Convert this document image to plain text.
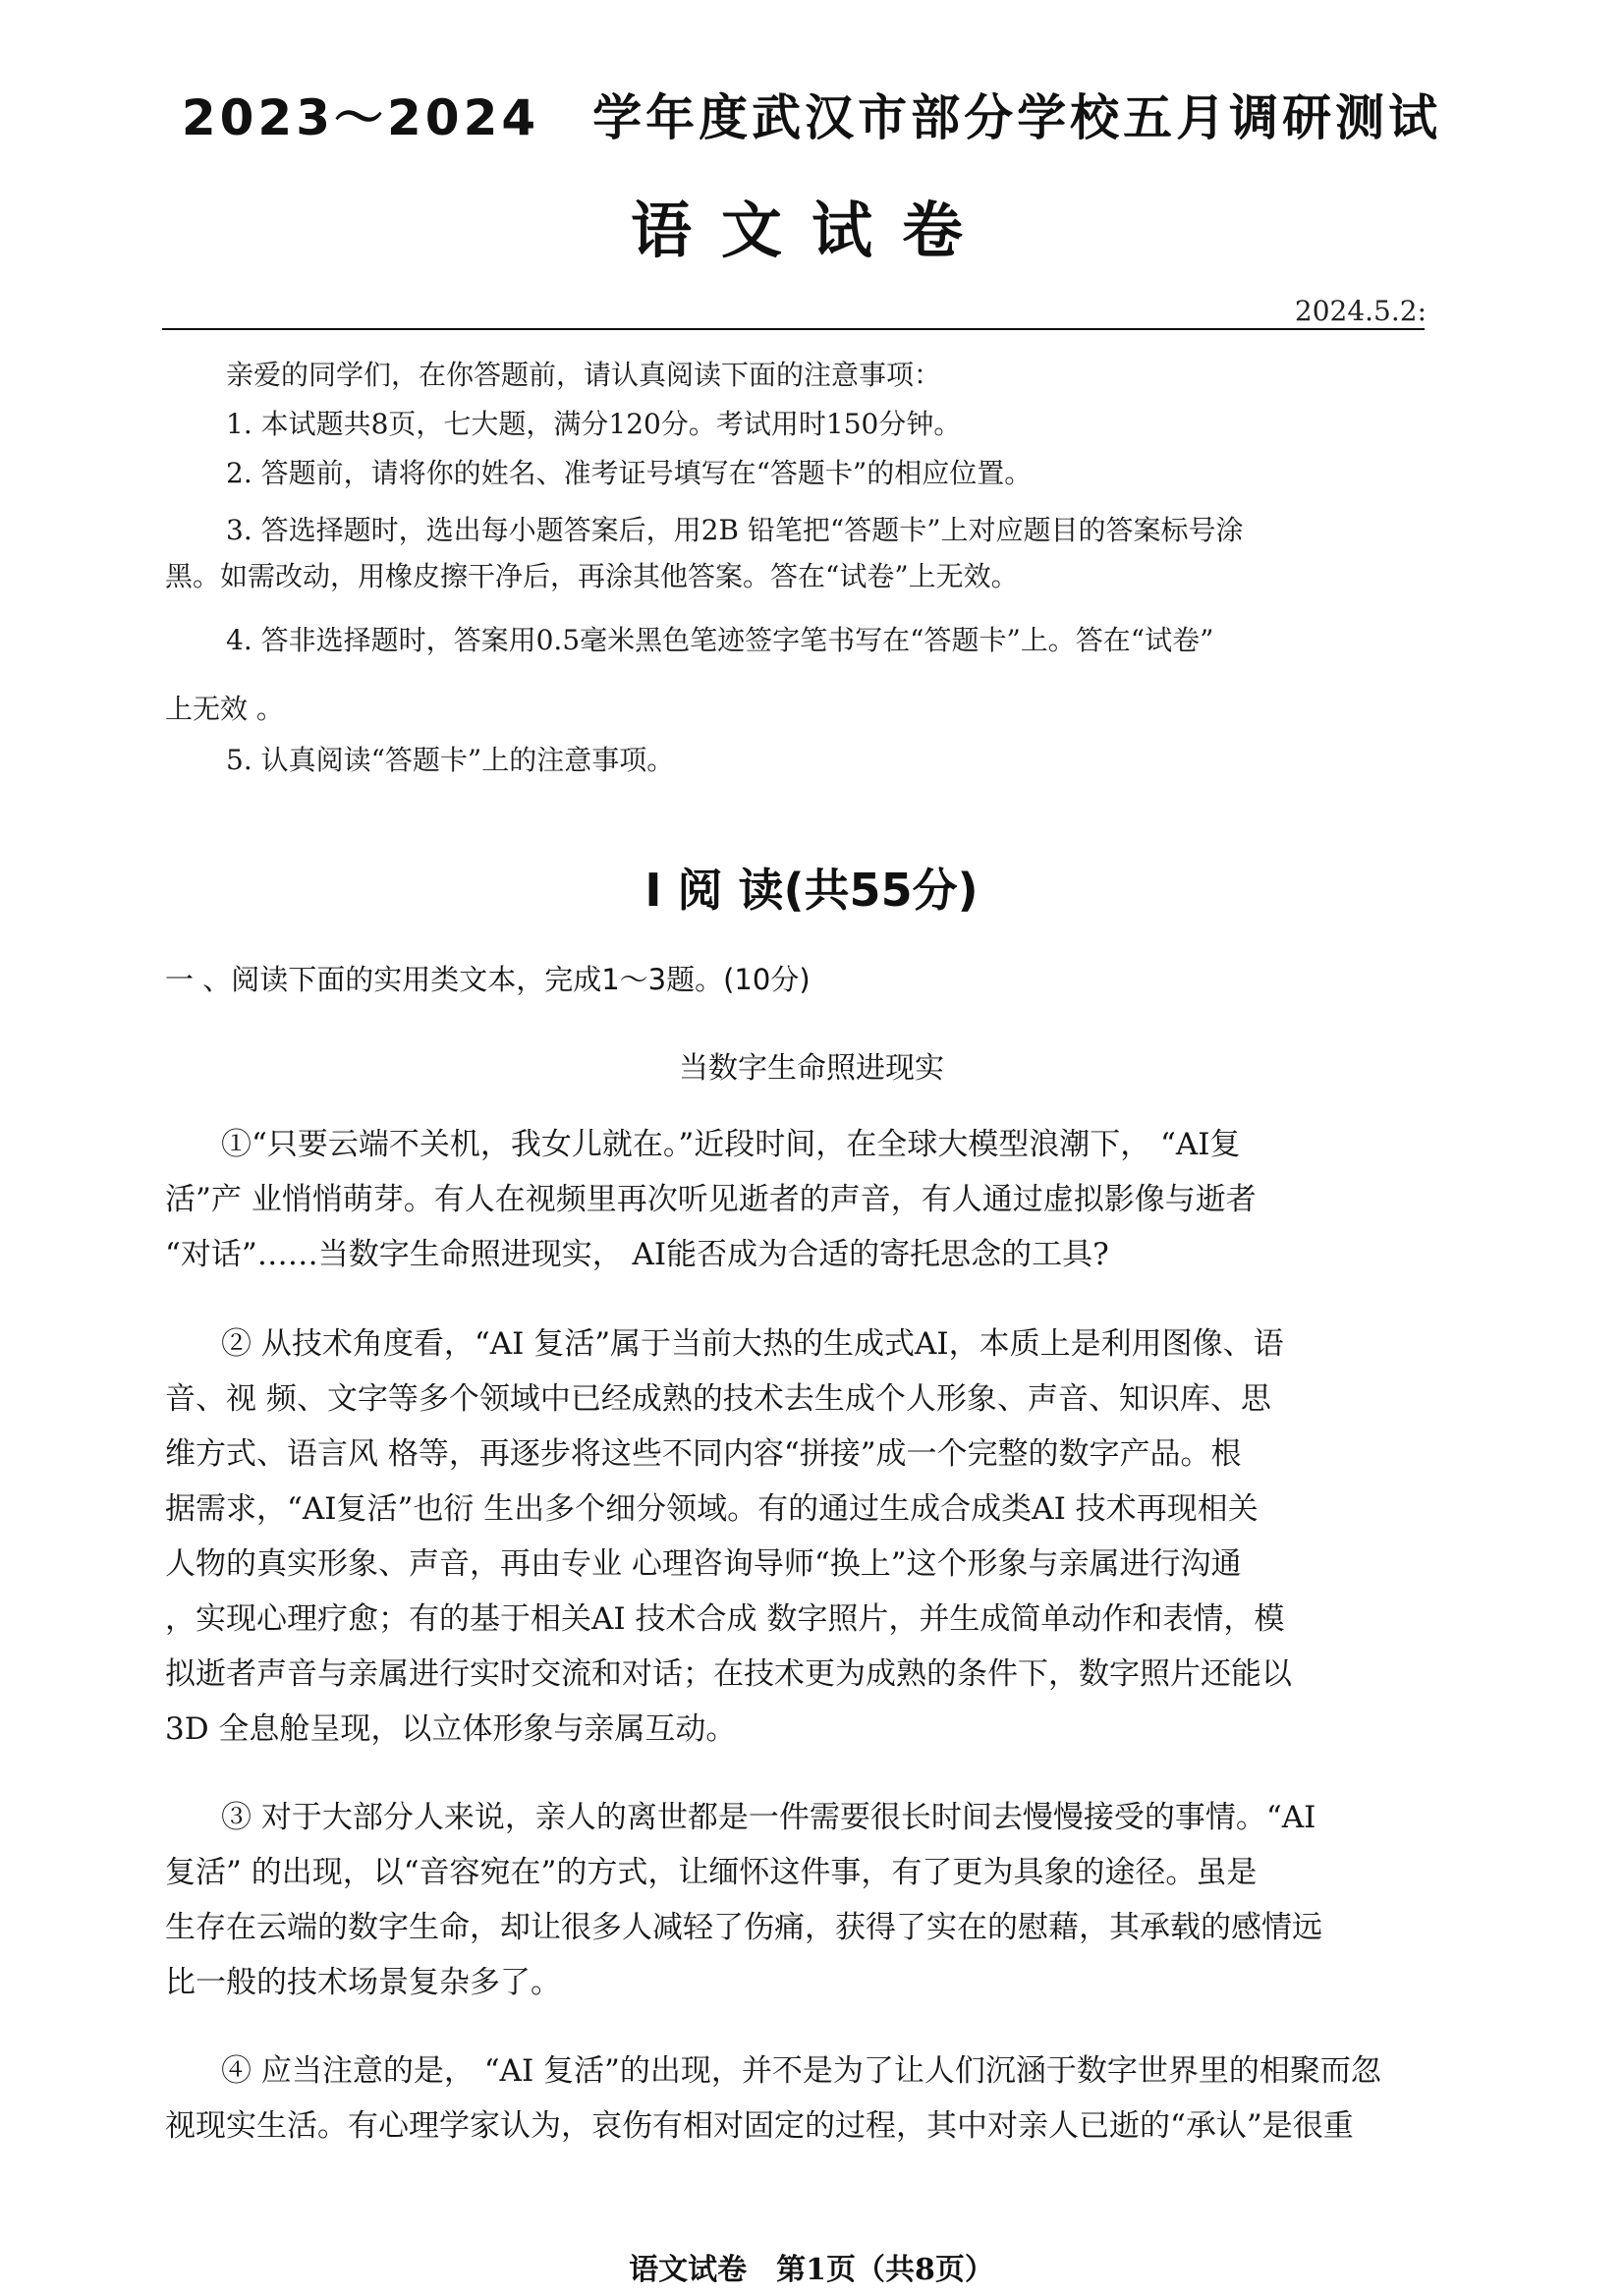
2023～2024　学年度武汉市部分学校五月调研测试
语文试卷
2024.5.2:
亲爱的同学们，在你答题前，请认真阅读下面的注意事项：
1. 本试题共8页，七大题，满分120分。考试用时150分钟。
2. 答题前，请将你的姓名、准考证号填写在“答题卡”的相应位置。
3. 答选择题时，选出每小题答案后，用2B 铅笔把“答题卡”上对应题目的答案标号涂
黑。如需改动，用橡皮擦干净后，再涂其他答案。答在“试卷”上无效。
4. 答非选择题时，答案用0.5毫米黑色笔迹签字笔书写在“答题卡”上。答在“试卷”
上无效 。
5. 认真阅读“答题卡”上的注意事项。
I 阅 读(共55分)
一 、阅读下面的实用类文本，完成1～3题。(10分)
当数字生命照进现实
①“只要云端不关机，我女儿就在。”近段时间，在全球大模型浪潮下， “AI复
活”产 业悄悄萌芽。有人在视频里再次听见逝者的声音，有人通过虚拟影像与逝者
“对话”……当数字生命照进现实， AI能否成为合适的寄托思念的工具?
② 从技术角度看，“AI 复活”属于当前大热的生成式AI，本质上是利用图像、语
音、视 频、文字等多个领域中已经成熟的技术去生成个人形象、声音、知识库、思
维方式、语言风 格等，再逐步将这些不同内容“拼接”成一个完整的数字产品。根
据需求，“AI复活”也衍 生出多个细分领域。有的通过生成合成类AI 技术再现相关
人物的真实形象、声音，再由专业 心理咨询导师“换上”这个形象与亲属进行沟通
，实现心理疗愈；有的基于相关AI 技术合成 数字照片，并生成简单动作和表情，模
拟逝者声音与亲属进行实时交流和对话；在技术更为成熟的条件下，数字照片还能以
3D 全息舱呈现，以立体形象与亲属互动。
③ 对于大部分人来说，亲人的离世都是一件需要很长时间去慢慢接受的事情。“AI
复活” 的出现，以“音容宛在”的方式，让缅怀这件事，有了更为具象的途径。虽是
生存在云端的数字生命，却让很多人减轻了伤痛，获得了实在的慰藉，其承载的感情远
比一般的技术场景复杂多了。
④ 应当注意的是， “AI 复活”的出现，并不是为了让人们沉涵于数字世界里的相聚而忽
视现实生活。有心理学家认为，哀伤有相对固定的过程，其中对亲人已逝的“承认”是很重
语文试卷　第1页（共8页）
